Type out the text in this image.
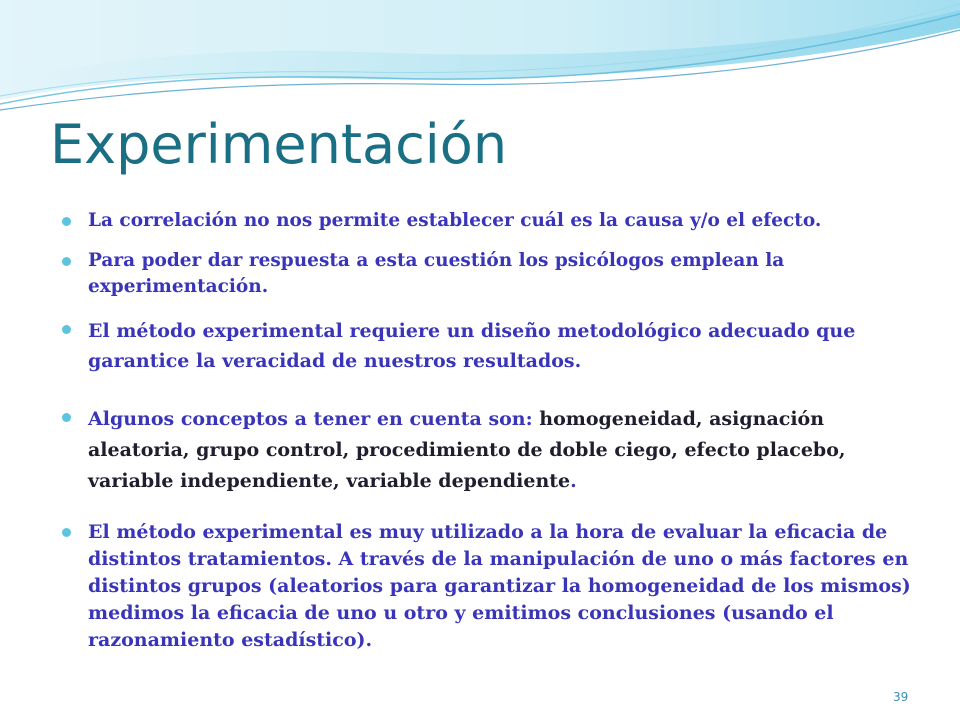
Experimentación
La correlación no nos permite establecer cuál es la causa y/o el efecto.
Para poder dar respuesta a esta cuestión los psicólogos emplean la experimentación.
El método experimental requiere un diseño metodológico adecuado que garantice la veracidad de nuestros resultados.
Algunos conceptos a tener en cuenta son: homogeneidad, asignación aleatoria, grupo control, procedimiento de doble ciego, efecto placebo, variable independiente, variable dependiente.
El método experimental es muy utilizado a la hora de evaluar la eficacia de distintos tratamientos. A través de la manipulación de uno o más factores en distintos grupos (aleatorios para garantizar la homogeneidad de los mismos) medimos la eficacia de uno u otro y emitimos conclusiones (usando el razonamiento estadístico).
39
